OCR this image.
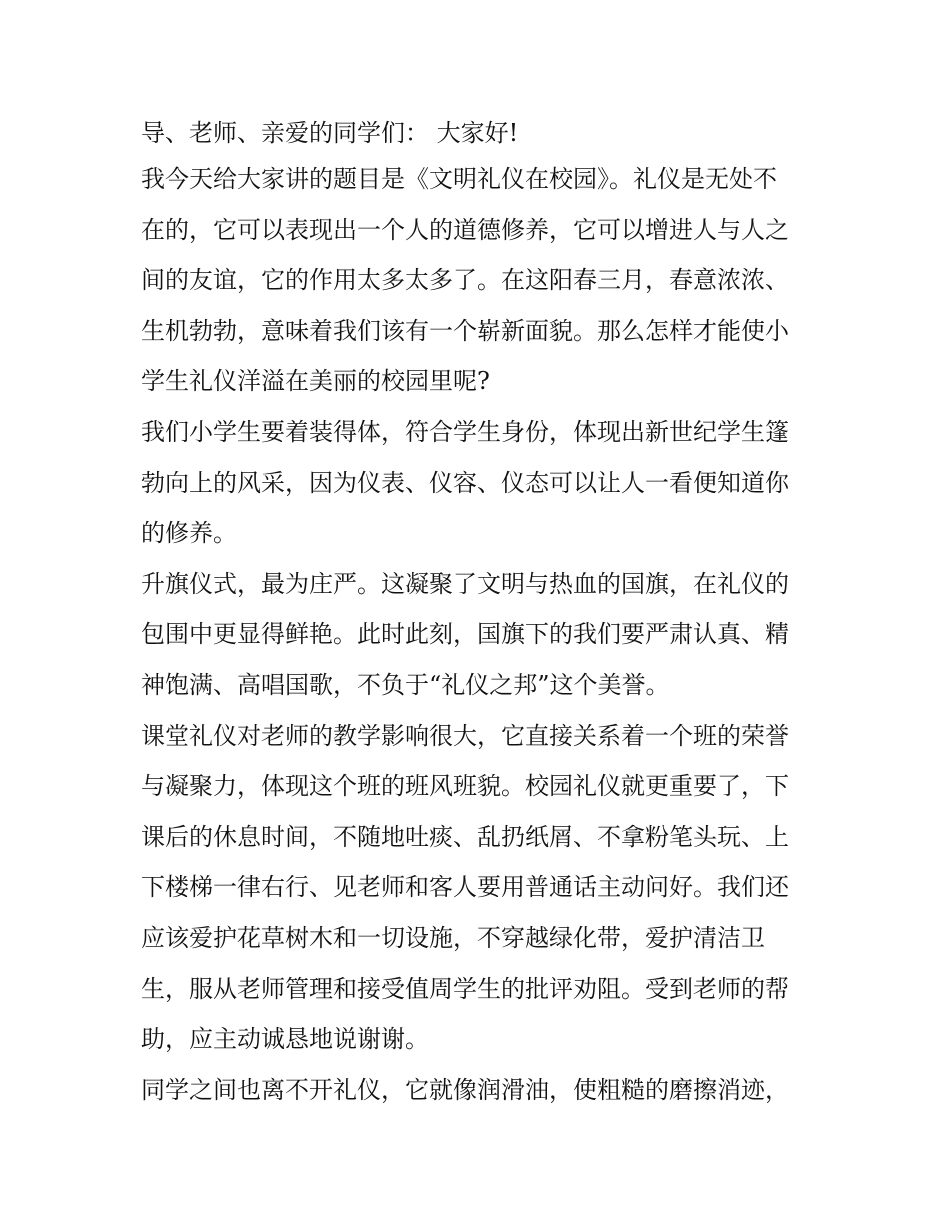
导、老师、亲爱的同学们： 大家好!
我今天给大家讲的题目是《文明礼仪在校园》。礼仪是无处不
在的，它可以表现出一个人的道德修养，它可以增进人与人之
间的友谊，它的作用太多太多了。在这阳春三月，春意浓浓、
生机勃勃，意味着我们该有一个崭新面貌。那么怎样才能使小
学生礼仪洋溢在美丽的校园里呢?
我们小学生要着装得体，符合学生身份，体现出新世纪学生篷
勃向上的风采，因为仪表、仪容、仪态可以让人一看便知道你
的修养。
升旗仪式，最为庄严。这凝聚了文明与热血的国旗，在礼仪的
包围中更显得鲜艳。此时此刻，国旗下的我们要严肃认真、精
神饱满、高唱国歌，不负于“礼仪之邦”这个美誉。
课堂礼仪对老师的教学影响很大，它直接关系着一个班的荣誉
与凝聚力，体现这个班的班风班貌。校园礼仪就更重要了，下
课后的休息时间，不随地吐痰、乱扔纸屑、不拿粉笔头玩、上
下楼梯一律右行、见老师和客人要用普通话主动问好。我们还
应该爱护花草树木和一切设施，不穿越绿化带，爱护清洁卫
生，服从老师管理和接受值周学生的批评劝阻。受到老师的帮
助，应主动诚恳地说谢谢。
同学之间也离不开礼仪，它就像润滑油，使粗糙的磨擦消迹，
